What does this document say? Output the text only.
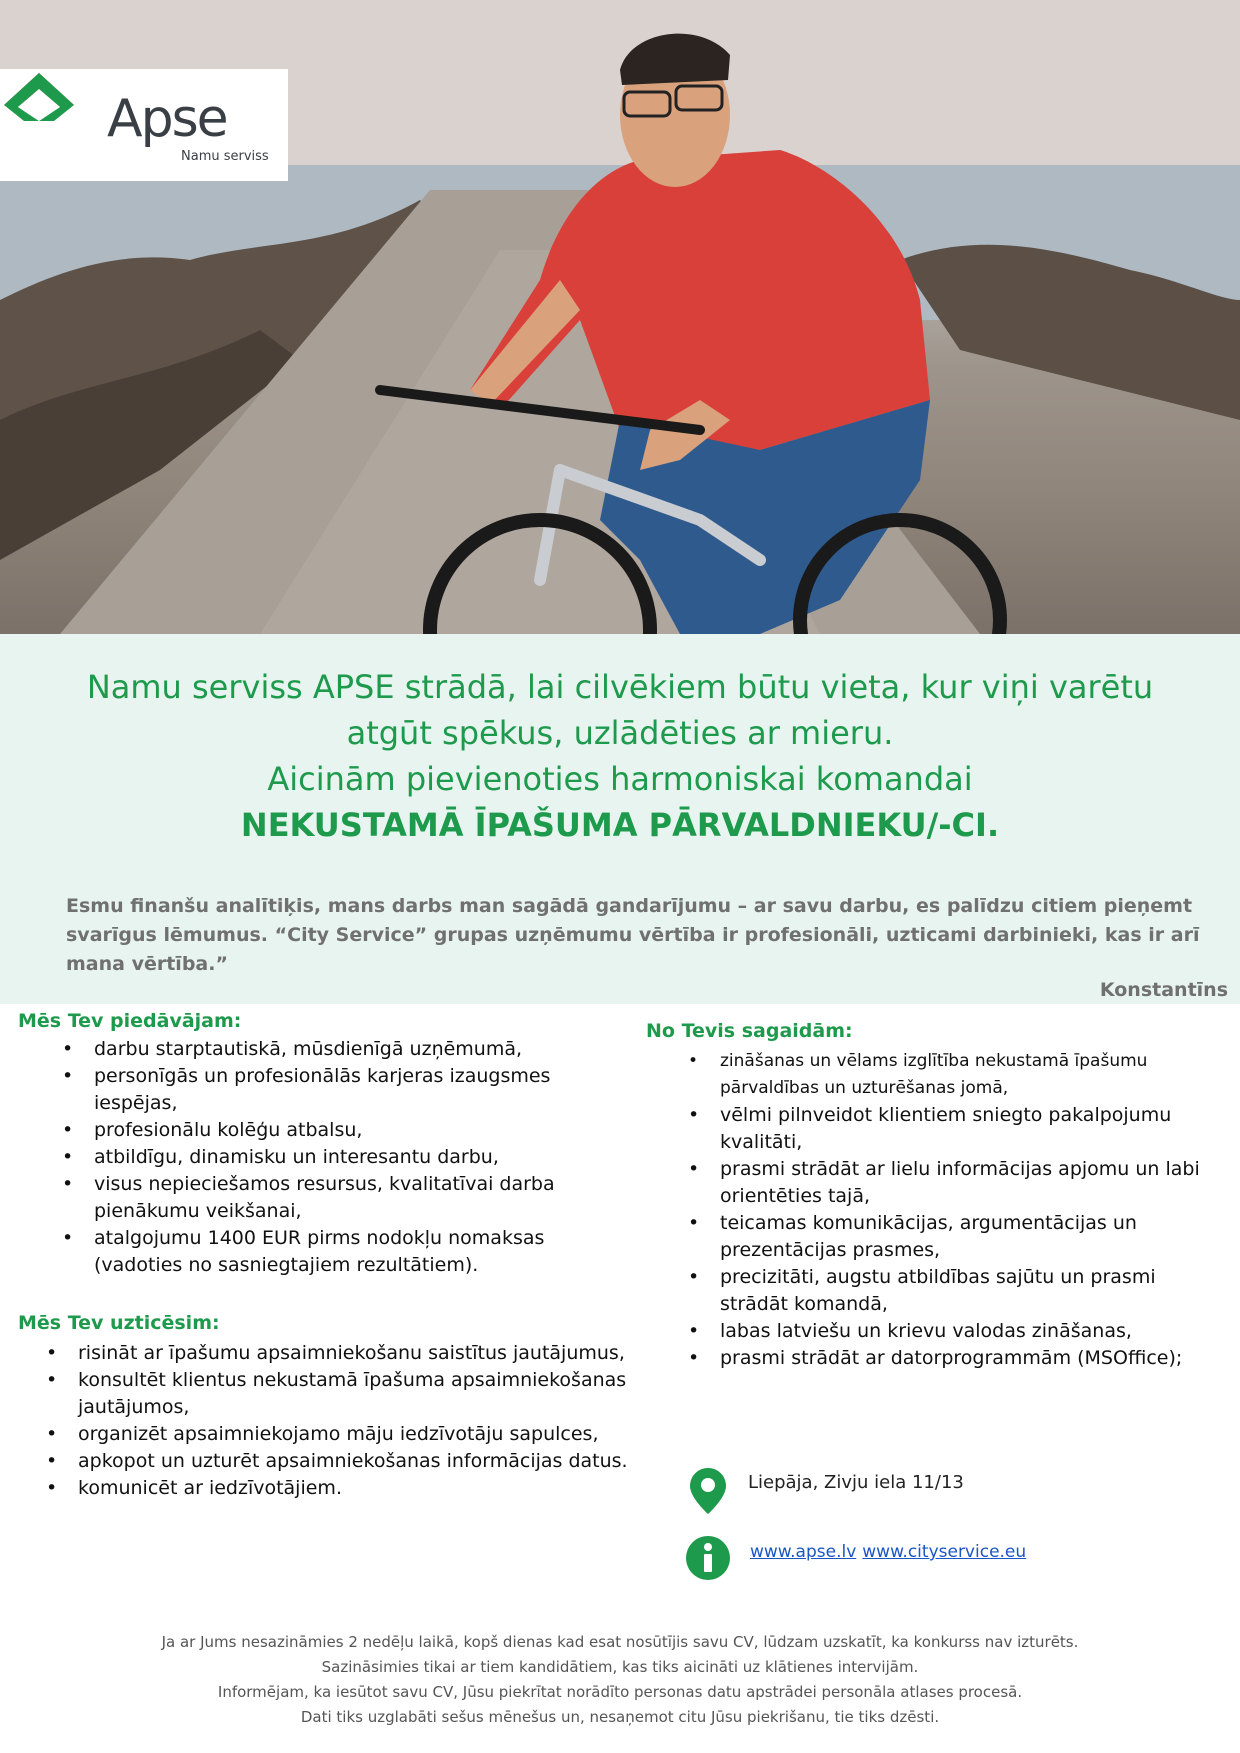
Apse
Namu serviss
Namu serviss APSE strādā, lai cilvēkiem būtu vieta, kur viņi varētu
atgūt spēkus, uzlādēties ar mieru.
Aicinām pievienoties harmoniskai komandai
NEKUSTAMĀ ĪPAŠUMA PĀRVALDNIEKU/-CI.
Esmu finanšu analītiķis, mans darbs man sagādā gandarījumu – ar savu darbu, es palīdzu citiem pieņemt svarīgus lēmumus. “City Service” grupas uzņēmumu vērtība ir profesionāli, uzticami darbinieki, kas ir arī mana vērtība.”
Konstantīns
Mēs Tev piedāvājam:
• darbu starptautiskā, mūsdienīgā uzņēmumā,
• personīgās un profesionālās karjeras izaugsmes iespējas,
• profesionālu kolēģu atbalsu,
• atbildīgu, dinamisku un interesantu darbu,
• visus nepieciešamos resursus, kvalitatīvai darba pienākumu veikšanai,
• atalgojumu 1400 EUR pirms nodokļu nomaksas (vadoties no sasniegtajiem rezultātiem).
Mēs Tev uzticēsim:
• risināt ar īpašumu apsaimniekošanu saistītus jautājumus,
• konsultēt klientus nekustamā īpašuma apsaimniekošanas jautājumos,
• organizēt apsaimniekojamo māju iedzīvotāju sapulces,
• apkopot un uzturēt apsaimniekošanas informācijas datus.
• komunicēt ar iedzīvotājiem.
No Tevis sagaidām:
• zināšanas un vēlams izglītība nekustamā īpašumu pārvaldības un uzturēšanas jomā,
• vēlmi pilnveidot klientiem sniegto pakalpojumu kvalitāti,
• prasmi strādāt ar lielu informācijas apjomu un labi orientēties tajā,
• teicamas komunikācijas, argumentācijas un prezentācijas prasmes,
• precizitāti, augstu atbildības sajūtu un prasmi strādāt komandā,
• labas latviešu un krievu valodas zināšanas,
• prasmi strādāt ar datorprogrammām (MSOffice);
Liepāja, Zivju iela 11/13
www.apse.lv www.cityservice.eu
Ja ar Jums nesazināmies 2 nedēļu laikā, kopš dienas kad esat nosūtījis savu CV, lūdzam uzskatīt, ka konkurss nav izturēts.
Sazināsimies tikai ar tiem kandidātiem, kas tiks aicināti uz klātienes intervijām.
Informējam, ka iesūtot savu CV, Jūsu piekrītat norādīto personas datu apstrādei personāla atlases procesā.
Dati tiks uzglabāti sešus mēnešus un, nesaņemot citu Jūsu piekrišanu, tie tiks dzēsti.
